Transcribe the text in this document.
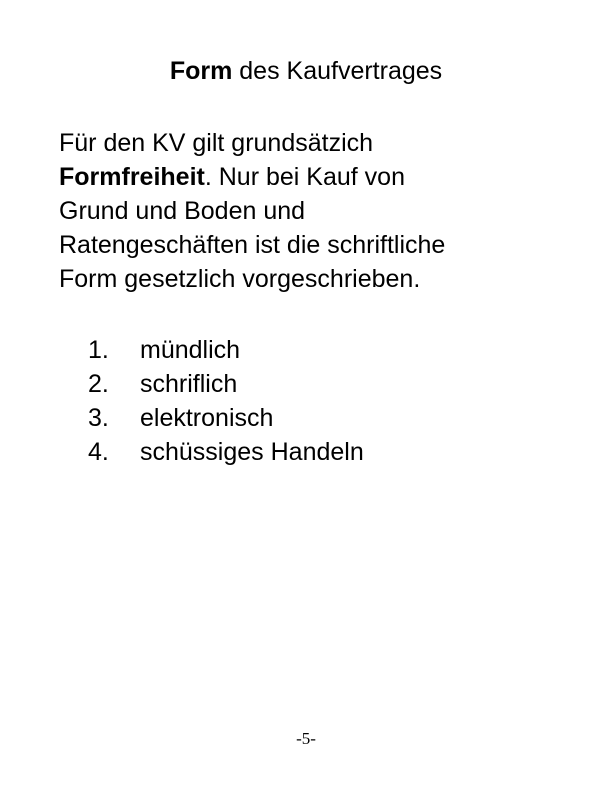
Form des Kaufvertrages

Für den KV gilt grundsätzich
Formfreiheit. Nur bei Kauf von
Grund und Boden und
Ratengeschäften ist die schriftliche
Form gesetzlich vorgeschrieben.

1.	mündlich
2.	schriflich
3.	elektronisch
4.	schüssiges Handeln
-5-
